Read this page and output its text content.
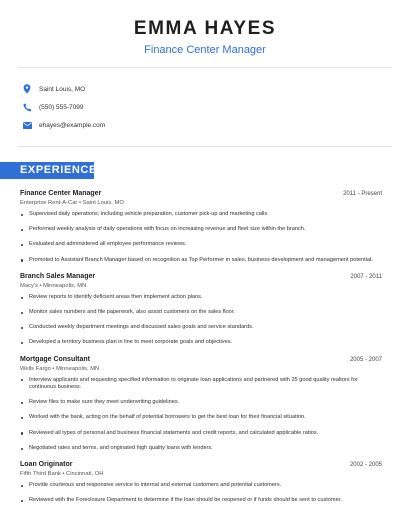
EMMA HAYES
Finance Center Manager
Saint Louis, MO
(550) 555-7099
ehayes@example.com
EXPERIENCE
Finance Center Manager	2011 - Present
Enterprise Rent-A-Car • Saint Louis, MO
Supervised daily operations; including vehicle preparation, customer pick-up and marketing calls
Performed weekly analysis of daily operations with focus on increasing revenue and fleet size within the branch.
Evaluated and administered all employee performance reviews.
Promoted to Assistant Branch Manager based on recognition as Top Performer in sales, business development and management potential.
Branch Sales Manager	2007 - 2011
Macy's • Minneapolis, MN
Review reports to identify deficient areas then implement action plans.
Monitor sales numbers and file paperwork, also assist customers on the sales floor.
Conducted weekly department meetings and discussed sales goals and service standards.
Developed a territory business plan in line to meet corporate goals and objectives.
Mortgage Consultant	2005 - 2007
Wells Fargo • Minneapolis, MN
Interview applicants and requesting specified information to originate loan applications and partnered with 25 good quality realtors for continuous business.
Review files to make sure they meet underwriting guidelines.
Worked with the bank, acting on the behalf of potential borrowers to get the best loan for their financial situation.
Reviewed all types of personal and business financial statements and credit reports, and calculated applicable ratios.
Negotiated rates and terms, and originated high quality loans with lenders.
Loan Originator	2002 - 2005
Fifth Third Bank • Cincinnati, OH
Provide courteous and responsive service to internal and external customers and potential customers.
Reviewed with the Foreclosure Department to determine if the loan should be reopened or if funds should be sent to customer.
